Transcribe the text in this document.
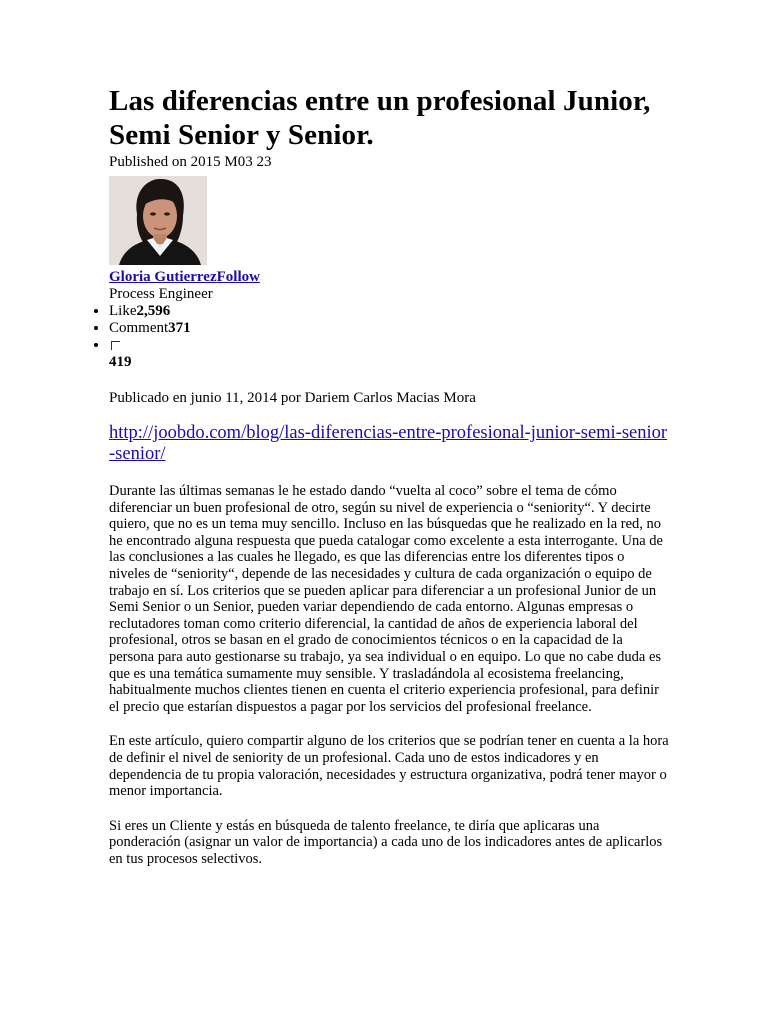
Las diferencias entre un profesional Junior, Semi Senior y Senior.
Published on 2015 M03 23
Gloria GutierrezFollow
Process Engineer
• Like2,596
• Comment371
•
419
Publicado en junio 11, 2014 por Dariem Carlos Macias Mora
http://joobdo.com/blog/las-diferencias-entre-profesional-junior-semi-senior-senior/
Durante las últimas semanas le he estado dando “vuelta al coco” sobre el tema de cómo diferenciar un buen profesional de otro, según su nivel de experiencia o “seniority“. Y decirte quiero, que no es un tema muy sencillo. Incluso en las búsquedas que he realizado en la red, no he encontrado alguna respuesta que pueda catalogar como excelente a esta interrogante. Una de las conclusiones a las cuales he llegado, es que las diferencias entre los diferentes tipos o niveles de “seniority“, depende de las necesidades y cultura de cada organización o equipo de trabajo en sí. Los criterios que se pueden aplicar para diferenciar a un profesional Junior de un Semi Senior o un Senior, pueden variar dependiendo de cada entorno. Algunas empresas o reclutadores toman como criterio diferencial, la cantidad de años de experiencia laboral del profesional, otros se basan en el grado de conocimientos técnicos o en la capacidad de la persona para auto gestionarse su trabajo, ya sea individual o en equipo. Lo que no cabe duda es que es una temática sumamente muy sensible. Y trasladándola al ecosistema freelancing, habitualmente muchos clientes tienen en cuenta el criterio experiencia profesional, para definir el precio que estarían dispuestos a pagar por los servicios del profesional freelance.
En este artículo, quiero compartir alguno de los criterios que se podrían tener en cuenta a la hora de definir el nivel de seniority de un profesional. Cada uno de estos indicadores y en dependencia de tu propia valoración, necesidades y estructura organizativa, podrá tener mayor o menor importancia.
Si eres un Cliente y estás en búsqueda de talento freelance, te diría que aplicaras una ponderación (asignar un valor de importancia) a cada uno de los indicadores antes de aplicarlos en tus procesos selectivos.
